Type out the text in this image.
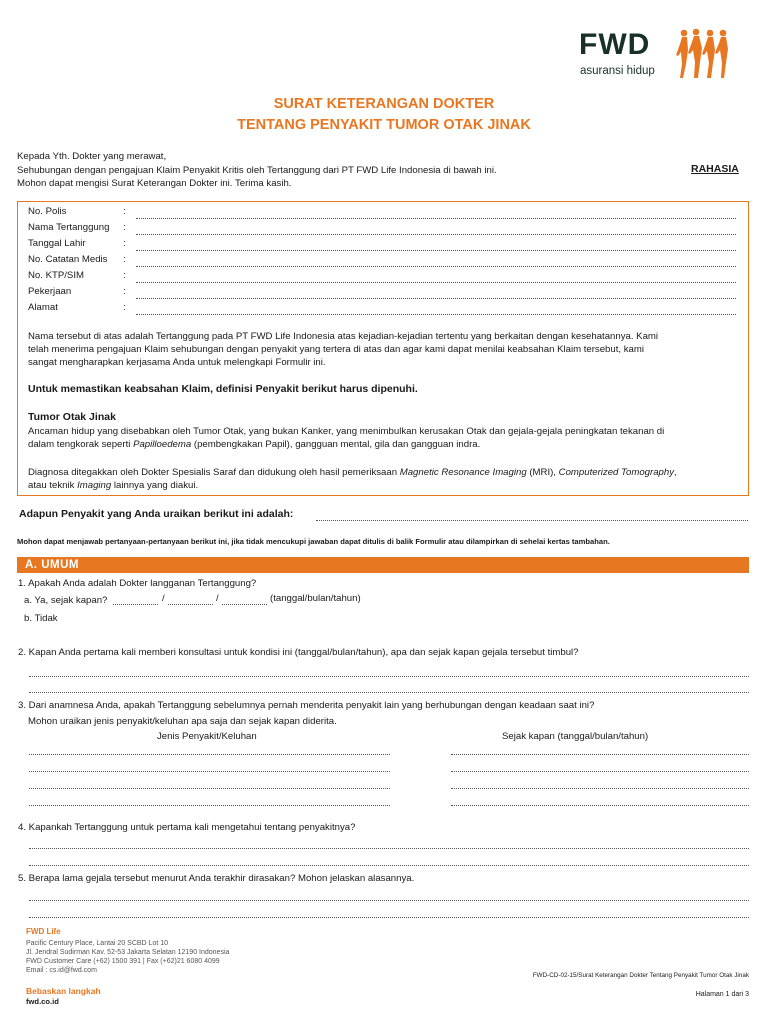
FWD
asuransi hidup
SURAT KETERANGAN DOKTER
TENTANG PENYAKIT TUMOR OTAK JINAK
Kepada Yth. Dokter yang merawat,
Sehubungan dengan pengajuan Klaim Penyakit Kritis oleh Tertanggung dari PT FWD Life Indonesia di bawah ini.
Mohon dapat mengisi Surat Keterangan Dokter ini. Terima kasih.
RAHASIA
No. Polis	:
Nama Tertanggung :
Tanggal Lahir	:
No. Catatan Medis :
No. KTP/SIM	:
Pekerjaan	:
Alamat	:
Nama tersebut di atas adalah Tertanggung pada PT FWD Life Indonesia atas kejadian-kejadian tertentu yang berkaitan dengan kesehatannya. Kami
telah menerima pengajuan Klaim sehubungan dengan penyakit yang tertera di atas dan agar kami dapat menilai keabsahan Klaim tersebut, kami
sangat mengharapkan kerjasama Anda untuk melengkapi Formulir ini.
Untuk memastikan keabsahan Klaim, definisi Penyakit berikut harus dipenuhi.
Tumor Otak Jinak
Ancaman hidup yang disebabkan oleh Tumor Otak, yang bukan Kanker, yang menimbulkan kerusakan Otak dan gejala-gejala peningkatan tekanan di
dalam tengkorak seperti Papilloedema (pembengkakan Papil), gangguan mental, gila dan gangguan indra.
Diagnosa ditegakkan oleh Dokter Spesialis Saraf dan didukung oleh hasil pemeriksaan Magnetic Resonance Imaging (MRI), Computerized Tomography,
atau teknik Imaging lainnya yang diakui.
Adapun Penyakit yang Anda uraikan berikut ini adalah:
Mohon dapat menjawab pertanyaan-pertanyaan berikut ini, jika tidak mencukupi jawaban dapat ditulis di balik Formulir atau dilampirkan di sehelai kertas tambahan.
A. UMUM
1. Apakah Anda adalah Dokter langganan Tertanggung?
a. Ya, sejak kapan?	/	/	(tanggal/bulan/tahun)
b. Tidak
2. Kapan Anda pertama kali memberi konsultasi untuk kondisi ini (tanggal/bulan/tahun), apa dan sejak kapan gejala tersebut timbul?
3. Dari anamnesa Anda, apakah Tertanggung sebelumnya pernah menderita penyakit lain yang berhubungan dengan keadaan saat ini?
Mohon uraikan jenis penyakit/keluhan apa saja dan sejak kapan diderita.
Jenis Penyakit/Keluhan	Sejak kapan (tanggal/bulan/tahun)
4. Kapankah Tertanggung untuk pertama kali mengetahui tentang penyakitnya?
5. Berapa lama gejala tersebut menurut Anda terakhir dirasakan? Mohon jelaskan alasannya.
FWD Life
Pacific Century Place, Lantai 20 SCBD Lot 10
Jl. Jendral Sudirman Kav. 52-53 Jakarta Selatan 12190 Indonesia
FWD Customer Care (+62) 1500 391 | Fax (+62)21 6080 4099
Email : cs.id@fwd.com
Bebaskan langkah
fwd.co.id
FWD-CD-02-15/Surat Keterangan Dokter Tentang Penyakit Tumor Otak Jinak
Halaman 1 dari 3
